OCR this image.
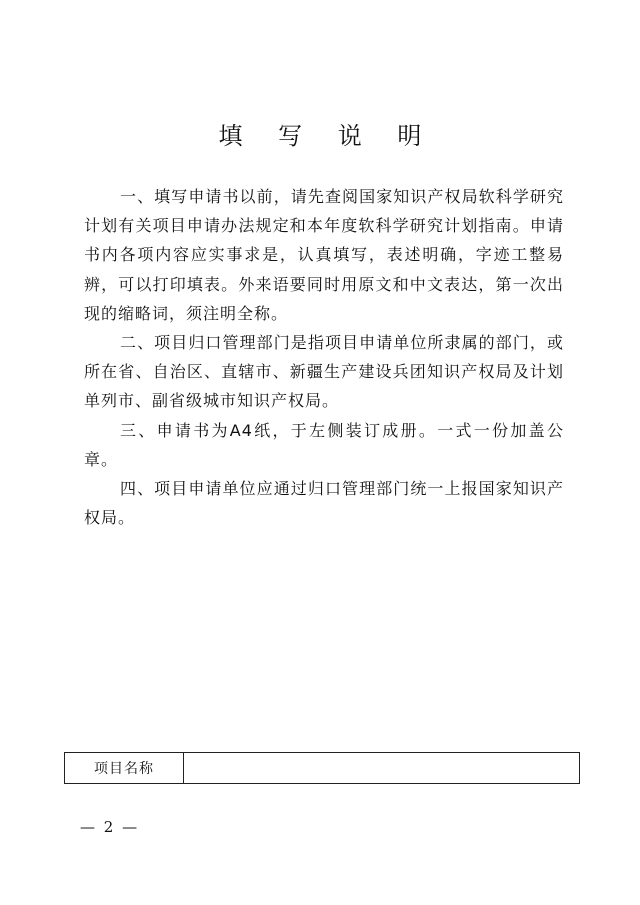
填 写 说 明

一、填写申请书以前，请先查阅国家知识产权局软科学研究计划有关项目申请办法规定和本年度软科学研究计划指南。申请书内各项内容应实事求是，认真填写，表述明确，字迹工整易辨，可以打印填表。外来语要同时用原文和中文表达，第一次出现的缩略词，须注明全称。

二、项目归口管理部门是指项目申请单位所隶属的部门，或所在省、自治区、直辖市、新疆生产建设兵团知识产权局及计划单列市、副省级城市知识产权局。

三、申请书为A4纸，于左侧装订成册。一式一份加盖公章。

四、项目申请单位应通过归口管理部门统一上报国家知识产权局。

项目名称
— 2 —
